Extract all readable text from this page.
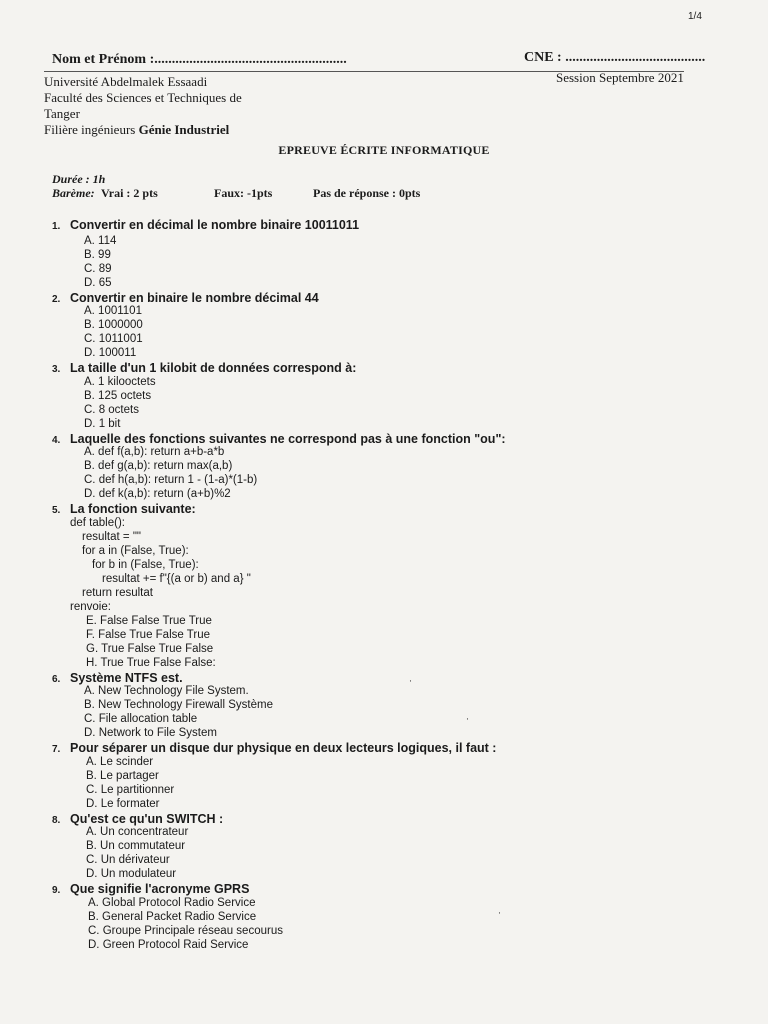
1/4
Nom et Prénom :.......................................................	CNE : ........................................
Université Abdelmalek Essaadi
Faculté des Sciences et Techniques de
Tanger
Filière ingénieurs Génie Industriel
Session Septembre 2021
EPREUVE ÉCRITE INFORMATIQUE
Durée : 1h
Barème: Vrai : 2 pts	Faux: -1pts	Pas de réponse : 0pts
1. Convertir en décimal le nombre binaire 10011011
A. 114
B. 99
C. 89
D. 65
2. Convertir en binaire le nombre décimal 44
A. 1001101
B. 1000000
C. 1011001
D. 100011
3. La taille d'un 1 kilobit de données correspond à:
A. 1 kilooctets
B. 125 octets
C. 8 octets
D. 1 bit
4. Laquelle des fonctions suivantes ne correspond pas à une fonction "ou":
A. def f(a,b): return a+b-a*b
B. def g(a,b): return max(a,b)
C. def h(a,b): return 1 - (1-a)*(1-b)
D. def k(a,b): return (a+b)%2
5. La fonction suivante:
def table():
resultat = ""
for a in (False, True):
for b in (False, True):
resultat += f"{(a or b) and a} "
return resultat
renvoie:
E. False False True True
F. False True False True
G. True False True False
H. True True False False:
6. Système NTFS est.
A. New Technology File System.
B. New Technology Firewall Système
C. File allocation table
D. Network to File System
7. Pour séparer un disque dur physique en deux lecteurs logiques, il faut :
A. Le scinder
B. Le partager
C. Le partitionner
D. Le formater
8. Qu'est ce qu'un SWITCH :
A. Un concentrateur
B. Un commutateur
C. Un dérivateur
D. Un modulateur
9. Que signifie l'acronyme GPRS
A. Global Protocol Radio Service
B. General Packet Radio Service
C. Groupe Principale réseau secourus
D. Green Protocol Raid Service
·
·
·
